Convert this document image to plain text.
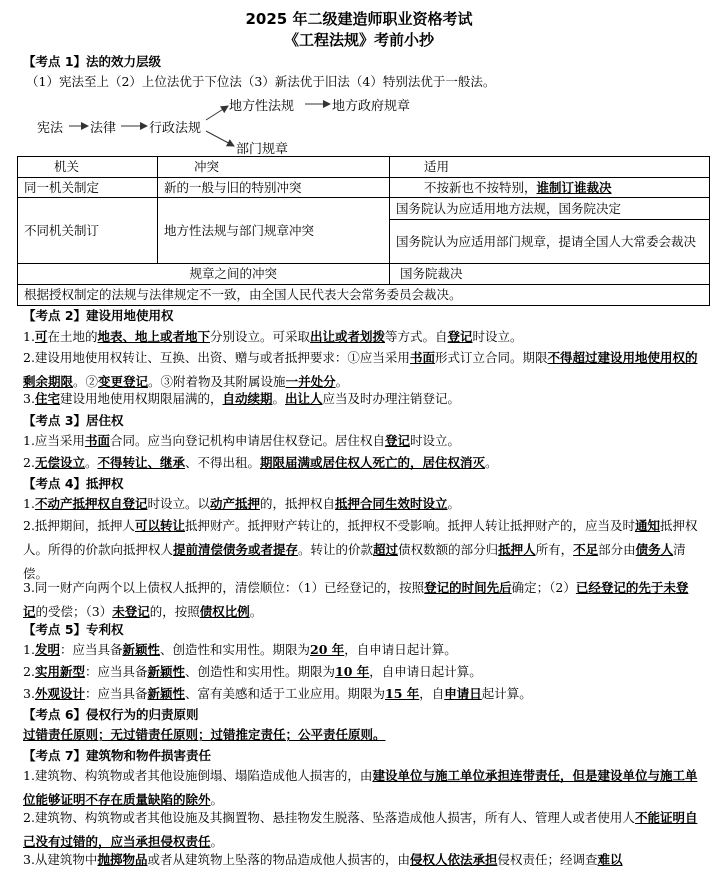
2025 年二级建造师职业资格考试
《工程法规》考前小抄
【考点 1】法的效力层级
（1）宪法至上（2）上位法优于下位法（3）新法优于旧法（4）特别法优于一般法。
宪法 法律	行政法规
地方性法规	地方政府规章
部门规章
机关	冲突	适用
同一机关制定	新的一般与旧的特别冲突	不按新也不按特别，谁制订谁裁决
不同机关制订	地方性法规与部门规章冲突	国务院认为应适用地方法规，国务院决定
		国务院认为应适用部门规章，提请全国人大常委会裁决
	规章之间的冲突	国务院裁决
根据授权制定的法规与法律规定不一致，由全国人民代表大会常务委员会裁决。		
【考点 2】建设用地使用权
1.可在土地的地表、地上或者地下分别设立。可采取出让或者划拨等方式。自登记时设立。
2.建设用地使用权转让、互换、出资、赠与或者抵押要求：①应当采用书面形式订立合同。期限不得超过建设用地使用权的剩余期限。②变更登记。③附着物及其附属设施一并处分。
3.住宅建设用地使用权期限届满的，自动续期。出让人应当及时办理注销登记。
【考点 3】居住权
1.应当采用书面合同。应当向登记机构申请居住权登记。居住权自登记时设立。
2.无偿设立。不得转让、继承、不得出租。期限届满或居住权人死亡的，居住权消灭。
【考点 4】抵押权
1.不动产抵押权自登记时设立。以动产抵押的，抵押权自抵押合同生效时设立。
2.抵押期间，抵押人可以转让抵押财产。抵押财产转让的，抵押权不受影响。抵押人转让抵押财产的，应当及时通知抵押权人。所得的价款向抵押权人提前清偿债务或者提存。转让的价款超过债权数额的部分归抵押人所有，不足部分由债务人清偿。
3.同一财产向两个以上债权人抵押的，清偿顺位：（1）已经登记的，按照登记的时间先后确定；（2）已经登记的先于未登记的受偿；（3）未登记的，按照债权比例。
【考点 5】专利权
1.发明：应当具备新颖性、创造性和实用性。期限为20 年，自申请日起计算。
2.实用新型：应当具备新颖性、创造性和实用性。期限为10 年，自申请日起计算。
3.外观设计：应当具备新颖性、富有美感和适于工业应用。期限为15 年，自申请日起计算。
【考点 6】侵权行为的归责原则
过错责任原则；无过错责任原则；过错推定责任；公平责任原则。
【考点 7】建筑物和物件损害责任
1.建筑物、构筑物或者其他设施倒塌、塌陷造成他人损害的，由建设单位与施工单位承担连带责任，但是建设单位与施工单位能够证明不存在质量缺陷的除外。
2.建筑物、构筑物或者其他设施及其搁置物、悬挂物发生脱落、坠落造成他人损害，所有人、管理人或者使用人不能证明自己没有过错的，应当承担侵权责任。
3.从建筑物中抛掷物品或者从建筑物上坠落的物品造成他人损害的，由侵权人依法承担侵权责任；经调查难以
